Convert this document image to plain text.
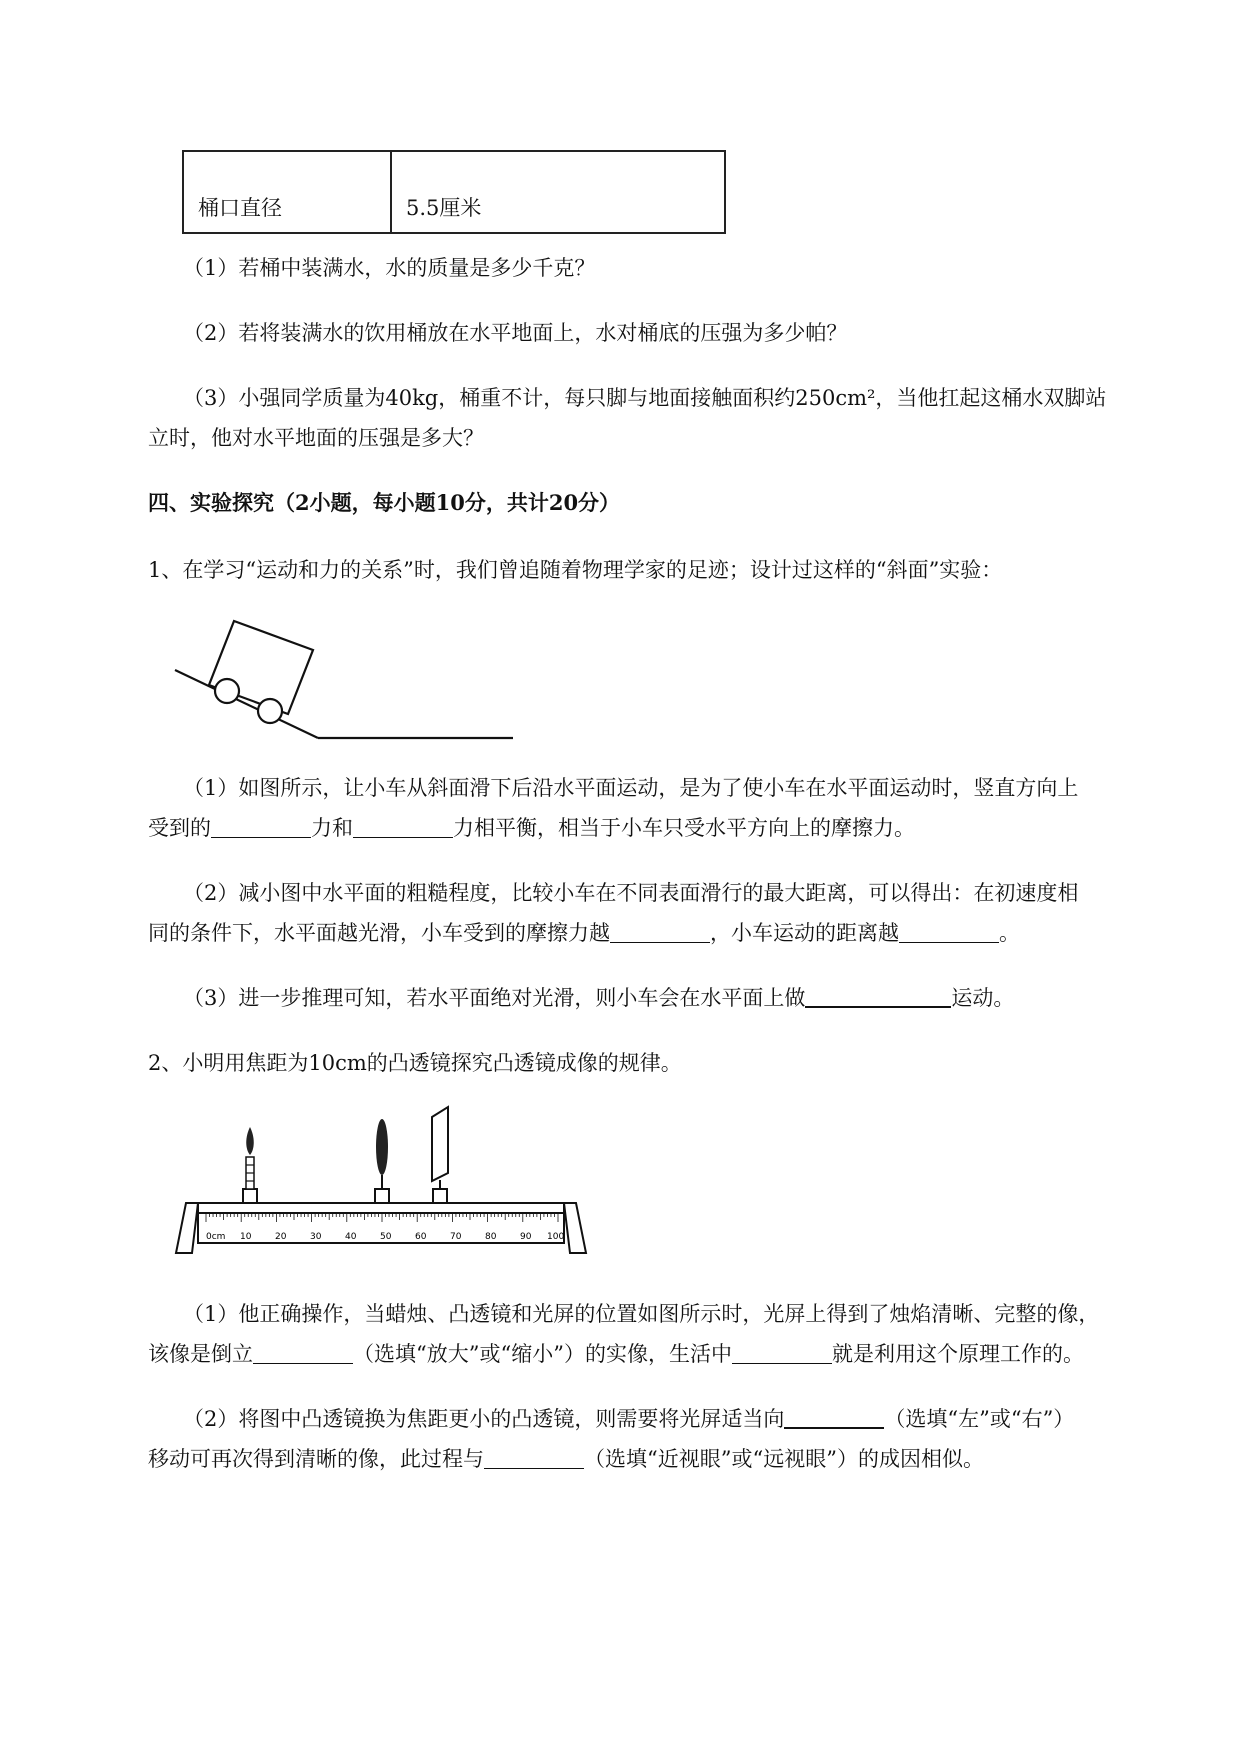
桶口直径	5.5厘米
（1）若桶中装满水，水的质量是多少千克？
（2）若将装满水的饮用桶放在水平地面上，水对桶底的压强为多少帕？
（3）小强同学质量为40kg，桶重不计，每只脚与地面接触面积约250cm²，当他扛起这桶水双脚站
立时，他对水平地面的压强是多大？
四、实验探究（2小题，每小题10分，共计20分）
1、在学习“运动和力的关系”时，我们曾追随着物理学家的足迹；设计过这样的“斜面”实验：
（1）如图所示，让小车从斜面滑下后沿水平面运动，是为了使小车在水平面运动时，竖直方向上
受到的	力和	力相平衡，相当于小车只受水平方向上的摩擦力。
（2）减小图中水平面的粗糙程度，比较小车在不同表面滑行的最大距离，可以得出：在初速度相
同的条件下，水平面越光滑，小车受到的摩擦力越	，小车运动的距离越	。
（3）进一步推理可知，若水平面绝对光滑，则小车会在水平面上做	运动。
2、小明用焦距为10cm的凸透镜探究凸透镜成像的规律。
0cm 10	20	30	40	50	60	70	80	90 100
（1）他正确操作，当蜡烛、凸透镜和光屏的位置如图所示时，光屏上得到了烛焰清晰、完整的像，
该像是倒立	（选填“放大”或“缩小”）的实像，生活中	就是利用这个原理工作的。
（2）将图中凸透镜换为焦距更小的凸透镜，则需要将光屏适当向	（选填“左”或“右”）
移动可再次得到清晰的像，此过程与	（选填“近视眼”或“远视眼”）的成因相似。
